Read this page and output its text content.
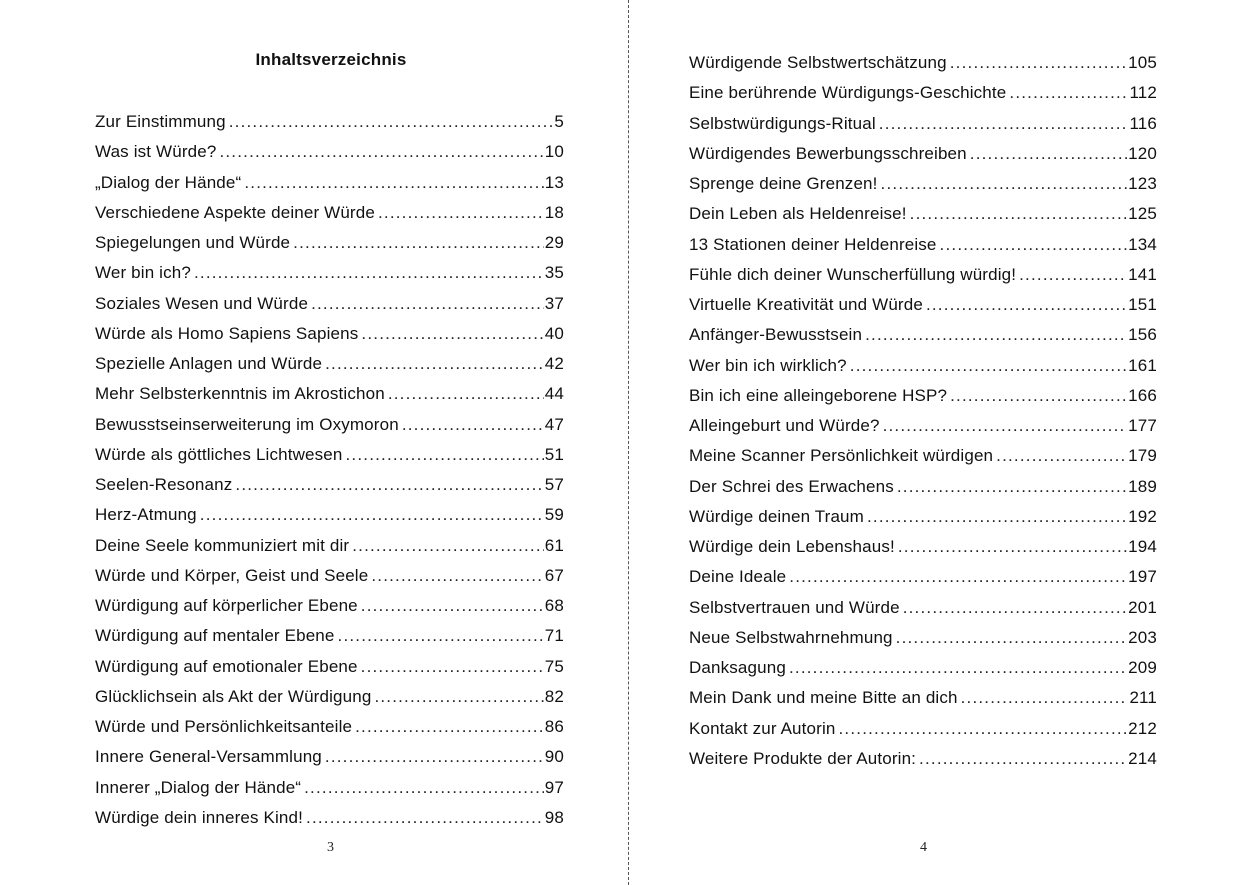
Inhaltsverzeichnis
Zur Einstimmung .....	5
Was ist Würde? .....	10
„Dialog der Hände“ .....	13
Verschiedene Aspekte deiner Würde .....	18
Spiegelungen und Würde .....	29
Wer bin ich? .....	35
Soziales Wesen und Würde .....	37
Würde als Homo Sapiens Sapiens .....	40
Spezielle Anlagen und Würde .....	42
Mehr Selbsterkenntnis im Akrostichon .....	44
Bewusstseinserweiterung im Oxymoron .....	47
Würde als göttliches Lichtwesen .....	51
Seelen-Resonanz .....	57
Herz-Atmung .....	59
Deine Seele kommuniziert mit dir .....	61
Würde und Körper, Geist und Seele .....	67
Würdigung auf körperlicher Ebene .....	68
Würdigung auf mentaler Ebene .....	71
Würdigung auf emotionaler Ebene .....	75
Glücklichsein als Akt der Würdigung .....	82
Würde und Persönlichkeitsanteile .....	86
Innere General-Versammlung .....	90
Innerer „Dialog der Hände“ .....	97
Würdige dein inneres Kind! .....	98
Würdigende Selbstwertschätzung .....	105
Eine berührende Würdigungs-Geschichte .....	112
Selbstwürdigungs-Ritual .....	116
Würdigendes Bewerbungsschreiben .....	120
Sprenge deine Grenzen! .....	123
Dein Leben als Heldenreise! .....	125
13 Stationen deiner Heldenreise .....	134
Fühle dich deiner Wunscherfüllung würdig! .....	141
Virtuelle Kreativität und Würde .....	151
Anfänger-Bewusstsein .....	156
Wer bin ich wirklich? .....	161
Bin ich eine alleingeborene HSP? .....	166
Alleingeburt und Würde? .....	177
Meine Scanner Persönlichkeit würdigen .....	179
Der Schrei des Erwachens .....	189
Würdige deinen Traum .....	192
Würdige dein Lebenshaus! .....	194
Deine Ideale .....	197
Selbstvertrauen und Würde .....	201
Neue Selbstwahrnehmung .....	203
Danksagung .....	209
Mein Dank und meine Bitte an dich .....	211
Kontakt zur Autorin .....	212
Weitere Produkte der Autorin: .....	214
3	4
